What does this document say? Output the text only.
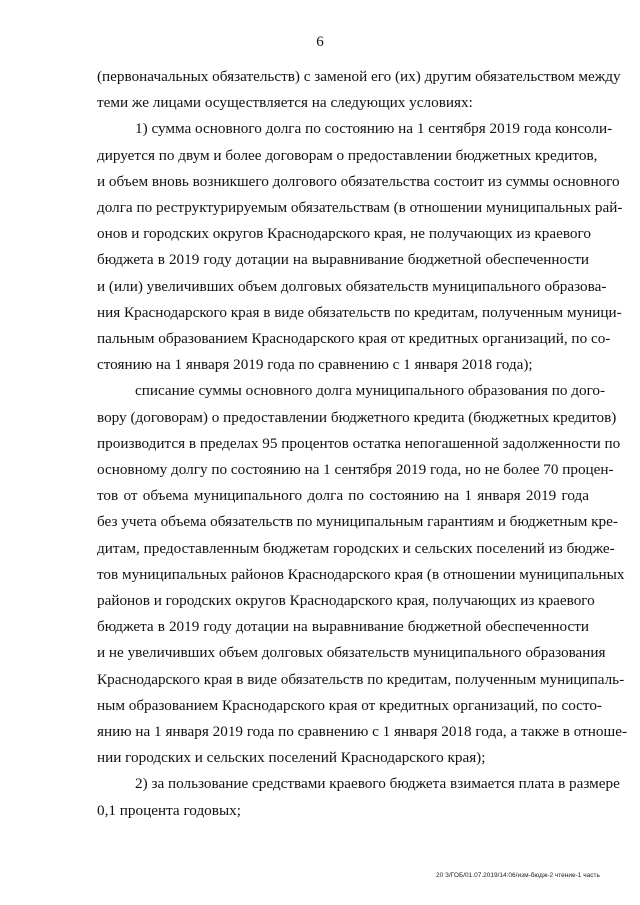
6

(первоначальных обязательств) с заменой его (их) другим обязательством между
теми же лицами осуществляется на следующих условиях:

1) сумма основного долга по состоянию на 1 сентября 2019 года консоли-
дируется по двум и более договорам о предоставлении бюджетных кредитов,
и объем вновь возникшего долгового обязательства состоит из суммы основного
долга по реструктурируемым обязательствам (в отношении муниципальных рай-
онов и городских округов Краснодарского края, не получающих из краевого
бюджета в 2019 году дотации на выравнивание бюджетной обеспеченности
и (или) увеличивших объем долговых обязательств муниципального образова-
ния Краснодарского края в виде обязательств по кредитам, полученным муници-
пальным образованием Краснодарского края от кредитных организаций, по со-
стоянию на 1 января 2019 года по сравнению с 1 января 2018 года);

списание суммы основного долга муниципального образования по дого-
вору (договорам) о предоставлении бюджетного кредита (бюджетных кредитов)
производится в пределах 95 процентов остатка непогашенной задолженности по
основному долгу по состоянию на 1 сентября 2019 года, но не более 70 процен-
тов от объема муниципального долга по состоянию на 1 января 2019 года
без учета объема обязательств по муниципальным гарантиям и бюджетным кре-
дитам, предоставленным бюджетам городских и сельских поселений из бюдже-
тов муниципальных районов Краснодарского края (в отношении муниципальных
районов и городских округов Краснодарского края, получающих из краевого
бюджета в 2019 году дотации на выравнивание бюджетной обеспеченности
и не увеличивших объем долговых обязательств муниципального образования
Краснодарского края в виде обязательств по кредитам, полученным муниципаль-
ным образованием Краснодарского края от кредитных организаций, по состо-
янию на 1 января 2019 года по сравнению с 1 января 2018 года, а также в отноше-
нии городских и сельских поселений Краснодарского края);

2) за пользование средствами краевого бюджета взимается плата в размере
0,1 процента годовых;

20 З/ГОБ/01.07.2019/14:06/изм-бюдж-2 чтение-1 часть
